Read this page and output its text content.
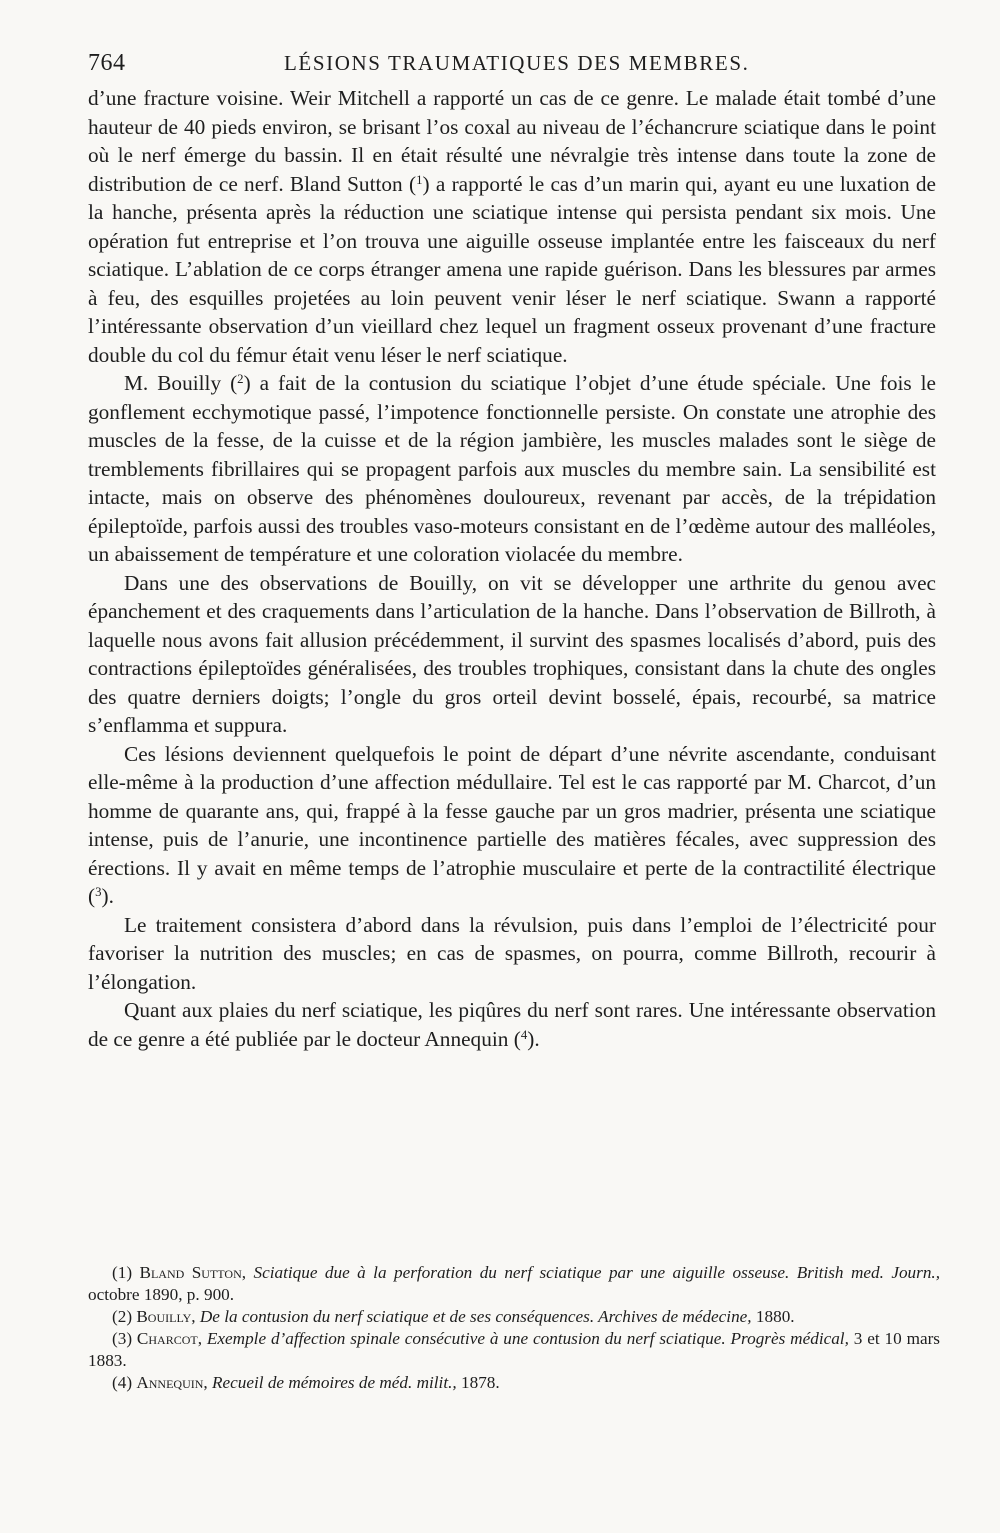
764	LÉSIONS TRAUMATIQUES DES MEMBRES.

d’une fracture voisine. Weir Mitchell a rapporté un cas de ce genre. Le malade était tombé d’une hauteur de 40 pieds environ, se brisant l’os coxal au niveau de l’échancrure sciatique dans le point où le nerf émerge du bassin. Il en était résulté une névralgie très intense dans toute la zone de distribution de ce nerf. Bland Sutton ($^1$) a rapporté le cas d’un marin qui, ayant eu une luxation de la hanche, présenta après la réduction une sciatique intense qui persista pendant six mois. Une opération fut entreprise et l’on trouva une aiguille osseuse implantée entre les faisceaux du nerf sciatique. L’ablation de ce corps étranger amena une rapide guérison. Dans les blessures par armes à feu, des esquilles projetées au loin peuvent venir léser le nerf sciatique. Swann a rapporté l’intéressante observation d’un vieillard chez lequel un fragment osseux provenant d’une fracture double du col du fémur était venu léser le nerf sciatique.

M. Bouilly ($^2$) a fait de la contusion du sciatique l’objet d’une étude spéciale. Une fois le gonflement ecchymotique passé, l’impotence fonctionnelle persiste. On constate une atrophie des muscles de la fesse, de la cuisse et de la région jambière, les muscles malades sont le siège de tremblements fibrillaires qui se propagent parfois aux muscles du membre sain. La sensibilité est intacte, mais on observe des phénomènes douloureux, revenant par accès, de la trépidation épileptoïde, parfois aussi des troubles vaso-moteurs consistant en de l’œdème autour des malléoles, un abaissement de température et une coloration violacée du membre.

Dans une des observations de Bouilly, on vit se développer une arthrite du genou avec épanchement et des craquements dans l’articulation de la hanche. Dans l’observation de Billroth, à laquelle nous avons fait allusion précédemment, il survint des spasmes localisés d’abord, puis des contractions épileptoïdes généralisées, des troubles trophiques, consistant dans la chute des ongles des quatre derniers doigts; l’ongle du gros orteil devint bosselé, épais, recourbé, sa matrice s’enflamma et suppura.

Ces lésions deviennent quelquefois le point de départ d’une névrite ascendante, conduisant elle-même à la production d’une affection médullaire. Tel est le cas rapporté par M. Charcot, d’un homme de quarante ans, qui, frappé à la fesse gauche par un gros madrier, présenta une sciatique intense, puis de l’anurie, une incontinence partielle des matières fécales, avec suppression des érections. Il y avait en même temps de l’atrophie musculaire et perte de la contractilité électrique ($^3$).

Le traitement consistera d’abord dans la révulsion, puis dans l’emploi de l’électricité pour favoriser la nutrition des muscles; en cas de spasmes, on pourra, comme Billroth, recourir à l’élongation.

Quant aux plaies du nerf sciatique, les piqûres du nerf sont rares. Une intéressante observation de ce genre a été publiée par le docteur Annequin ($^4$).

(1) Bland Sutton, Sciatique due à la perforation du nerf sciatique par une aiguille osseuse. British med. Journ., octobre 1890, p. 900.

(2) Bouilly, De la contusion du nerf sciatique et de ses conséquences. Archives de médecine, 1880.

(3) Charcot, Exemple d’affection spinale consécutive à une contusion du nerf sciatique. Progrès médical, 3 et 10 mars 1883.

(4) Annequin, Recueil de mémoires de méd. milit., 1878.
